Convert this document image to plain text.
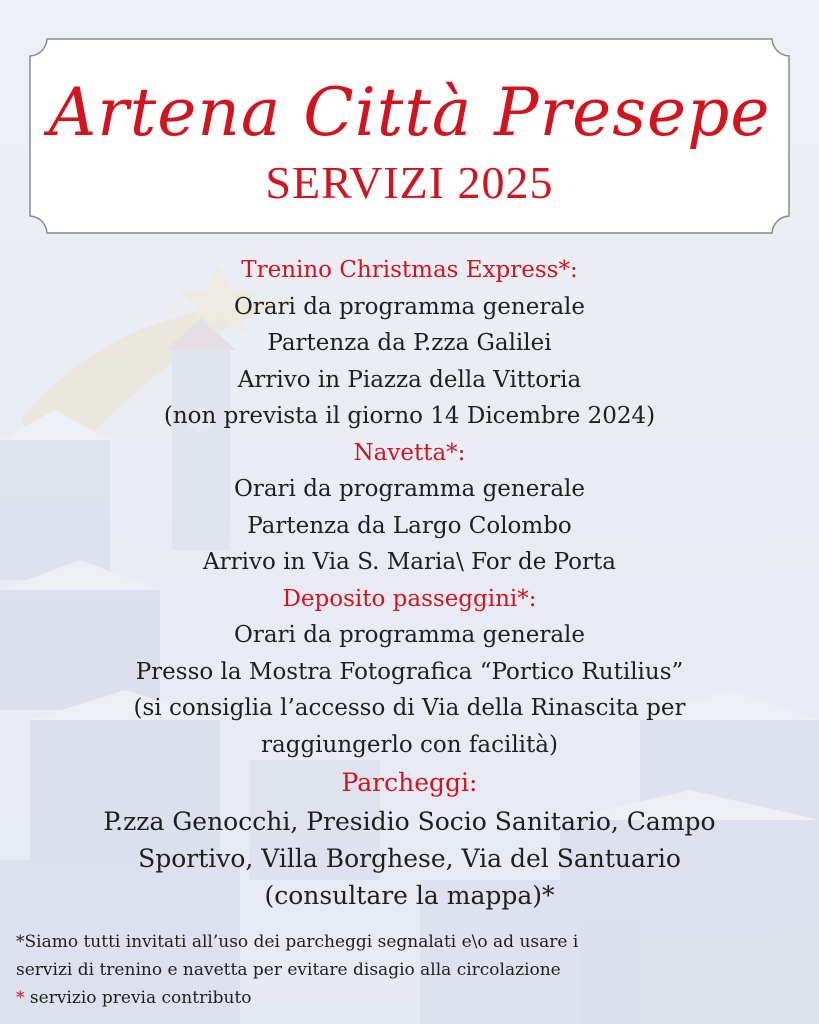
Artena Città Presepe
SERVIZI 2025

Trenino Christmas Express*:

Orari da programma generale

Partenza da P.zza Galilei

Arrivo in Piazza della Vittoria

(non prevista il giorno 14 Dicembre 2024)

Navetta*:

Orari da programma generale

Partenza da Largo Colombo

Arrivo in Via S. Maria\ For de Porta

Deposito passeggini*:

Orari da programma generale

Presso la Mostra Fotografica “Portico Rutilius”

(si consiglia l’accesso di Via della Rinascita per

raggiungerlo con facilità)

Parcheggi:

P.zza Genocchi, Presidio Socio Sanitario, Campo

Sportivo, Villa Borghese, Via del Santuario

(consultare la mappa)*

*Siamo tutti invitati all’uso dei parcheggi segnalati e\o ad usare i

servizi di trenino e navetta per evitare disagio alla circolazione

* servizio previa contributo
